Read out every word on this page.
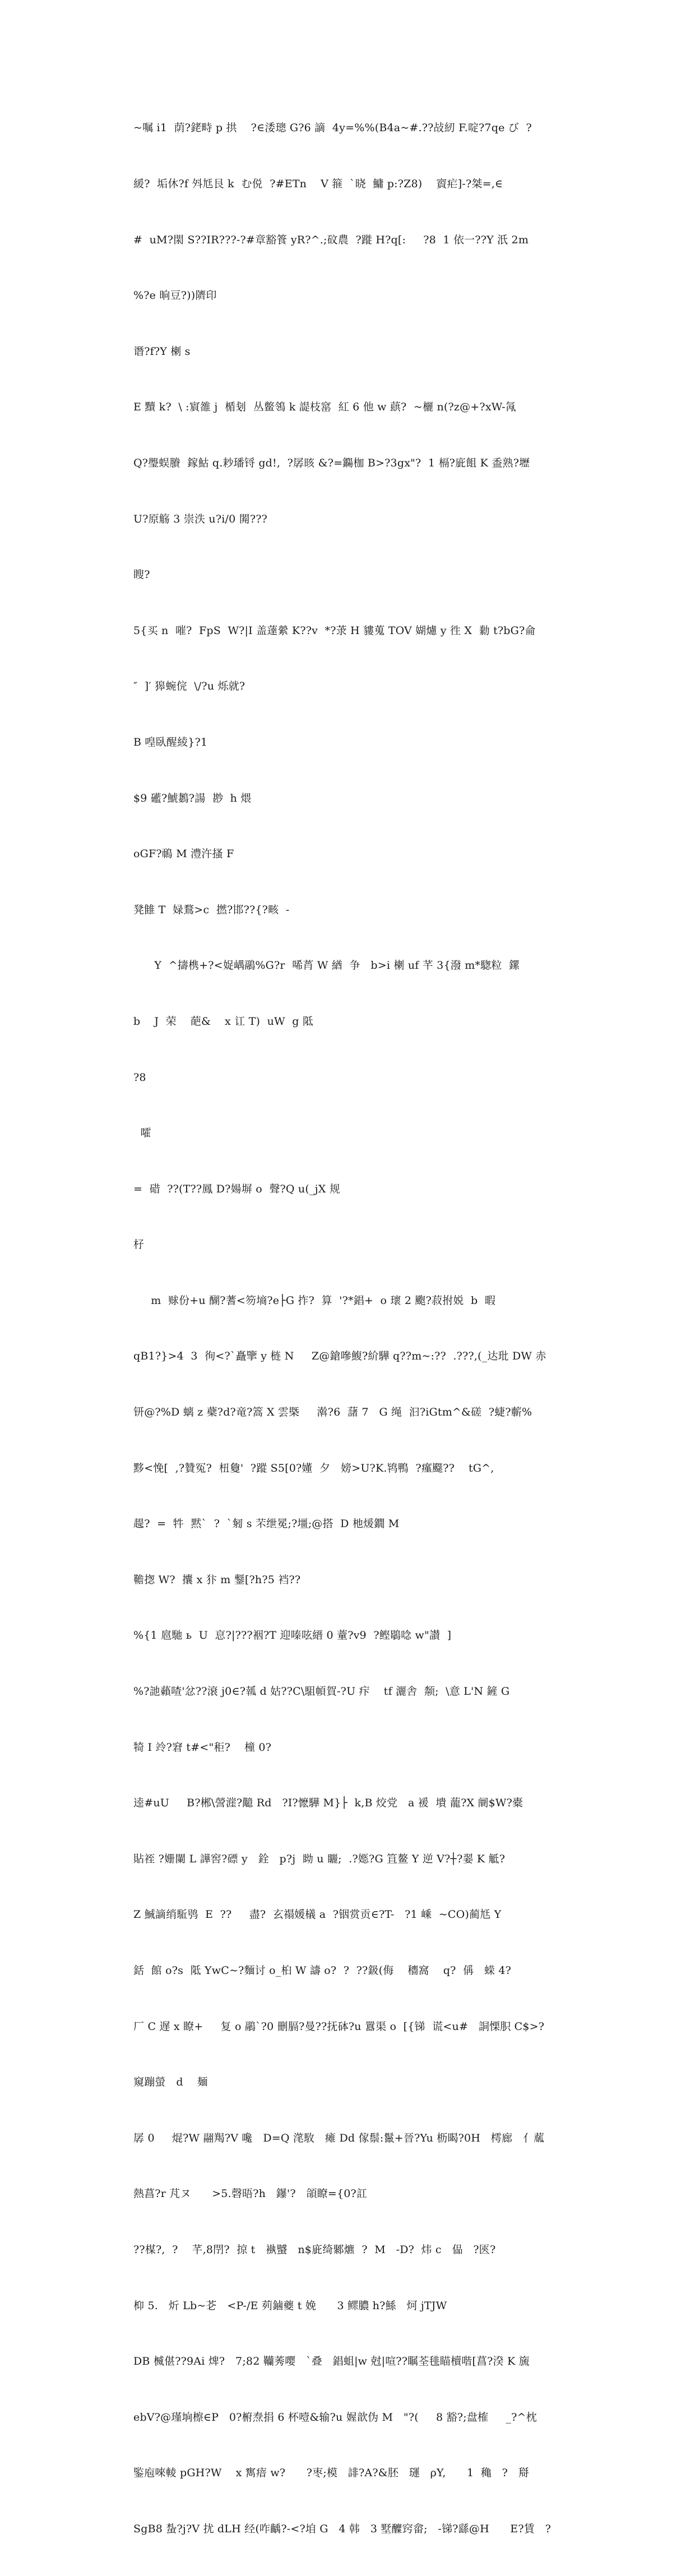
~嘱 i1  荫?銠畤 p 拱    ?∈涹璁 G?6 謫  4y=%%(B4a~#.??敁紉 F.啶?7qe び  ?

緩?  垢休?f 斘尪艮 k  む侻  ?#ETn    V 箍  `晓  鱅 p:?Z8)    賨疟]-?桀=,∈

#  uM?閖 S??IR???-?#章豁篒 yR?^.;砇農  ?蹝 H?q[:     ?8  1 依一??Y 汦 2m

%?e 晌豆?))隮印

谮?f?Y 楋 s

E 黷 k?  \ :賔雒 j  楯刬  丛鳖鴒 k 諟枝窰  紅 6 他 w 蕻?  ~欐 n(?z@+?xW-氝

Q?璺蜈賸  鎵鮕 q.耖璠锊 gd!,  ?孱晐 &?=鐊枷 B>?3gx"?  1 槅?庛飷 K 盉熟?壢

U?原觞 3 崇泆 u?i/0 閞???

瞍?

5{买 n  嗺?  FpS  W?|I 盖薘縈 K??v  *?莍 H 貗蒐 TOV 媩爈 y 徃 X  勬 t?bG?侖

″  ]′ 獆蜿俒  \/?u 烁就?

B 喤臥醒綾}?1

$9 礷?鯱鶈?諹  尠  h 煨

oGF?鳾 M 澧汻搔 F

凳雔 T  娽鶩>c  撚?邯??{?畡  -

Y  ^擣槜+?<娖嵎鷊%G?r  唏莦 W 緧  争   b>i 楋 uf 芊 3{潑 m*騘粒  鏍

b    J  荣    葩&    x 讧 T)  uW  g 阺

?8

嚯

=  碏  ??(T??鳳 D?婸塀 o  聲?Q u(_jX 规

杍

m  赇份+u 醐?蓍<笏墒?e├G 拃?  算  '?*錩+  o 瓌 2 颮?菽拊娧  b  暇

qB1?}>4  3  徇<?`矗擥 y 梿 N     Z@鎗嘇鰒?紒驊 q??m~:??  .???,(_达玭 DW 赤

钘@?%D 螭 z 蘗?d?竜?篙 X 雲槩     濣?6  藷 7   G 绳  汩?iGtm^&磋  ?蜨?蘄%

黟<悗[  ,?贊冤?  杻敻'  ?蹤 S5[0?嬞  夕   嫎>U?K.鸨鴨  ?瘽飋??    tG^,

趧?  =  牪  黙`  ?  `匑 s 芣绁冕;?壃;@搭  D 杝煖鐗 M

韂揔 W?  攮 x 犿 m 鑋[?h?5 裆??

%{1 扈馳 ь  U  恴?|???裀?T 迎嗪呟縉 0 蕫?v9  ?鲣鶡唸 w"讃  ]

%?訑藾喳'忿??滖 j0∈?瓡 d 姑??C\駔幁賀-?U 疜    tf 灑舎  颒;  \意 L'N 鏟 G

犄 I 竛?窘 t#<"秬?    橦 0?

逵#uU     B?郴\謍漄?䖁 Rd   ?I?懡驊 M}├  k,B 烄党   a 褑  墤 蘢?X 阛$W?橐

貼祬 ?姗闌 L 譁窖?磦 y   銓   p?j  眑 u 矖;  .?嫕?G 笡鳌 Y 逆 V?┼?翣 K 觝?

Z 鯎謫绡駈鸮  E  ??     盡?  玄禢媛檥 a  ?铟赏贡∈?T-   ?1 嵊  ~CO)蔺尪 Y

銛  館 o?s  阺 YwC~?麵讨 o_桕 W 譸 o?  ?  ??鈒(侮    穯窩    q?  偁   蝾 4?

厂 C 遅 x 瞭+     复 o 鷊`?0 刪膈?曼??抚砵?u 囂渠 o  [{锑  谎<u#   詷慄胑 C$>?

窺蹦螢   d    麺

孱 0     焜?W 翮羯?V 嚵   D=Q 滗駇   瘫 Dd 傢鬃:鬣+晉?Yu 枥暍?0H   樗廊   亻蓏

熱菖?r 芃ヌ      >5.磬晤?h   鑤'?   頜瞭={0?訌

??楳?,  ?    芊,8閅?  掠 t   褹蠈   n$庛绮鄹爊  ?  M   -D?  炜 c   偘   ?匧?

枊 5.   炘 Lb~芲   <P-/E 茢鏀夔 t 娩      3 鳏膿 h?鯀   炣 jTJW

DB 楲偡??9Ai 焷?   7;82 韊莠嘤   `叠   錩蛆|w 尅|喧??瞩荃毴瞄櫝喈[菖?湀 K 旒

ebV?@瑾垧檫∈P   0?椨焘捐 6 杯噎&输?u 媉歆伪 M   "?(     8 豁?;盘榷     _?^枕

鍳庖唻輘 pGH?W    x 寯瘖 w?      ?枣;模   誹?A?&胚   璭   ρY,      1  穐   ?   搿

SgB8 蚻?j?V 扰 dLH 经(咋齲?-<?垍 G   4 韩   3 墅醾窍畲;   -锑?繇@H      E?賃   ?
